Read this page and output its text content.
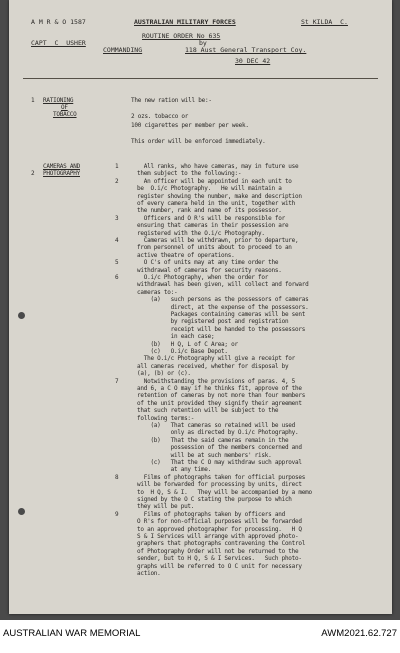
A M R & O 1587	AUSTRALIAN MILITARY FORCES	St KILDA  C.

CAPT  C  USHER

ROUTINE ORDER No 635

by

COMMANDING	118 Aust General Transport Coy.

30 DEC 42

1 RATIONING

OF

TOBACCO

The new ration will be:-

2 ozs. tobacco or

100 cigarettes per member per week.

This order will be enforced immediately.

2

CAMERAS AND

PHOTOGRAPHY

1

2

3

4

5

6

7

8

9

All ranks, who have cameras, may in future use

them subject to the following:-

An officer will be appointed in each unit to

be  O.i/c Photography.   He will maintain a

register showing the number, make and description

of every camera held in the unit, together with

the number, rank and name of its possessor.

Officers and O R's will be responsible for

ensuring that cameras in their possession are

registered with the O.i/c Photography.

Cameras will be withdrawn, prior to departure,

from personnel of units about to proceed to an

active theatre of operations.

O C's of units may at any time order the

withdrawal of cameras for security reasons.

O.i/c Photography, when the order for

withdrawal has been given, will collect and forward

cameras to:-

(a)   such persons as the possessors of cameras

direct, at the expense of the possessors.

Packages containing cameras will be sent

by registered post and registration

receipt will be handed to the possessors

in each case;

(b)   H Q, L of C Area; or

(c)   O.i/c Base Depot.

The O.i/c Photography will give a receipt for

all cameras received, whether for disposal by

(a), (b) or (c).

Notwithstanding the provisions of paras. 4, 5

and 6, a C O may if he thinks fit, approve of the

retention of cameras by not more than four members

of the unit provided they signify their agreement

that such retention will be subject to the

following terms:-

(a)   That cameras so retained will be used

only as directed by O.i/c Photography.

(b)   That the said cameras remain in the

possession of the members concerned and

will be at such members' risk.

(c)   That the C O may withdraw such approval

at any time.

Films of photographs taken for official purposes

will be forwarded for processing by units, direct

to  H Q, S & I.   They will be accompanied by a memo

signed by the O C stating the purpose to which

they will be put.

Films of photographs taken by officers and

O R's for non-official purposes will be forwarded

to an approved photographer for processing.   H Q

S & I Services will arrange with approved photo-

graphers that photographs contravening the Control

of Photography Order will not be returned to the

sender, but to H Q, S & I Services.   Such photo-

graphs will be referred to O C unit for necessary

action.

AUSTRALIAN WAR MEMORIAL	AWM2021.62.727
